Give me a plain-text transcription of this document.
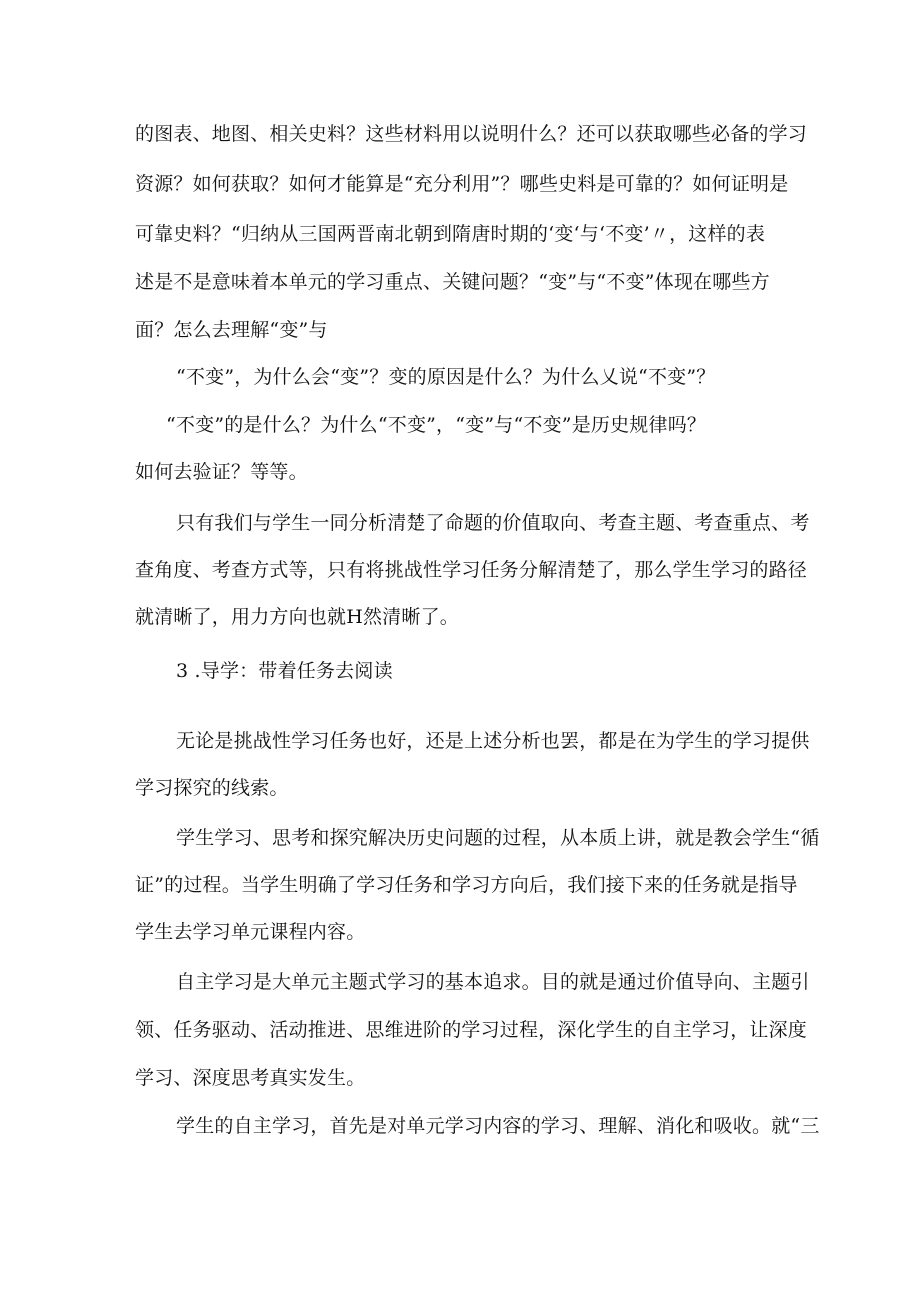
的图表、地图、相关史料？这些材料用以说明什么？还可以获取哪些必备的学习
资源？如何获取？如何才能算是“充分利用”？哪些史料是可靠的？如何证明是
可靠史料？“归纳从三国两晋南北朝到隋唐时期的‘变‘与‘不变’〃，这样的表
述是不是意味着本单元的学习重点、关键问题？“变”与“不变”体现在哪些方
面？怎么去理解“变”与
“不变”，为什么会“变”？变的原因是什么？为什么乂说“不变”？
“不变”的是什么？为什么“不变”，“变”与“不变”是历史规律吗？
如何去验证？等等。
只有我们与学生一同分析清楚了命题的价值取向、考查主题、考查重点、考
查角度、考查方式等，只有将挑战性学习任务分解清楚了，那么学生学习的路径
就清晰了，用力方向也就H然清晰了。
3 .导学：带着任务去阅读
无论是挑战性学习任务也好，还是上述分析也罢，都是在为学生的学习提供
学习探究的线索。
学生学习、思考和探究解决历史问题的过程，从本质上讲，就是教会学生“循
证”的过程。当学生明确了学习任务和学习方向后，我们接下来的任务就是指导
学生去学习单元课程内容。
自主学习是大单元主题式学习的基本追求。目的就是通过价值导向、主题引
领、任务驱动、活动推进、思维进阶的学习过程，深化学生的自主学习，让深度
学习、深度思考真实发生。
学生的自主学习，首先是对单元学习内容的学习、理解、消化和吸收。就“三
